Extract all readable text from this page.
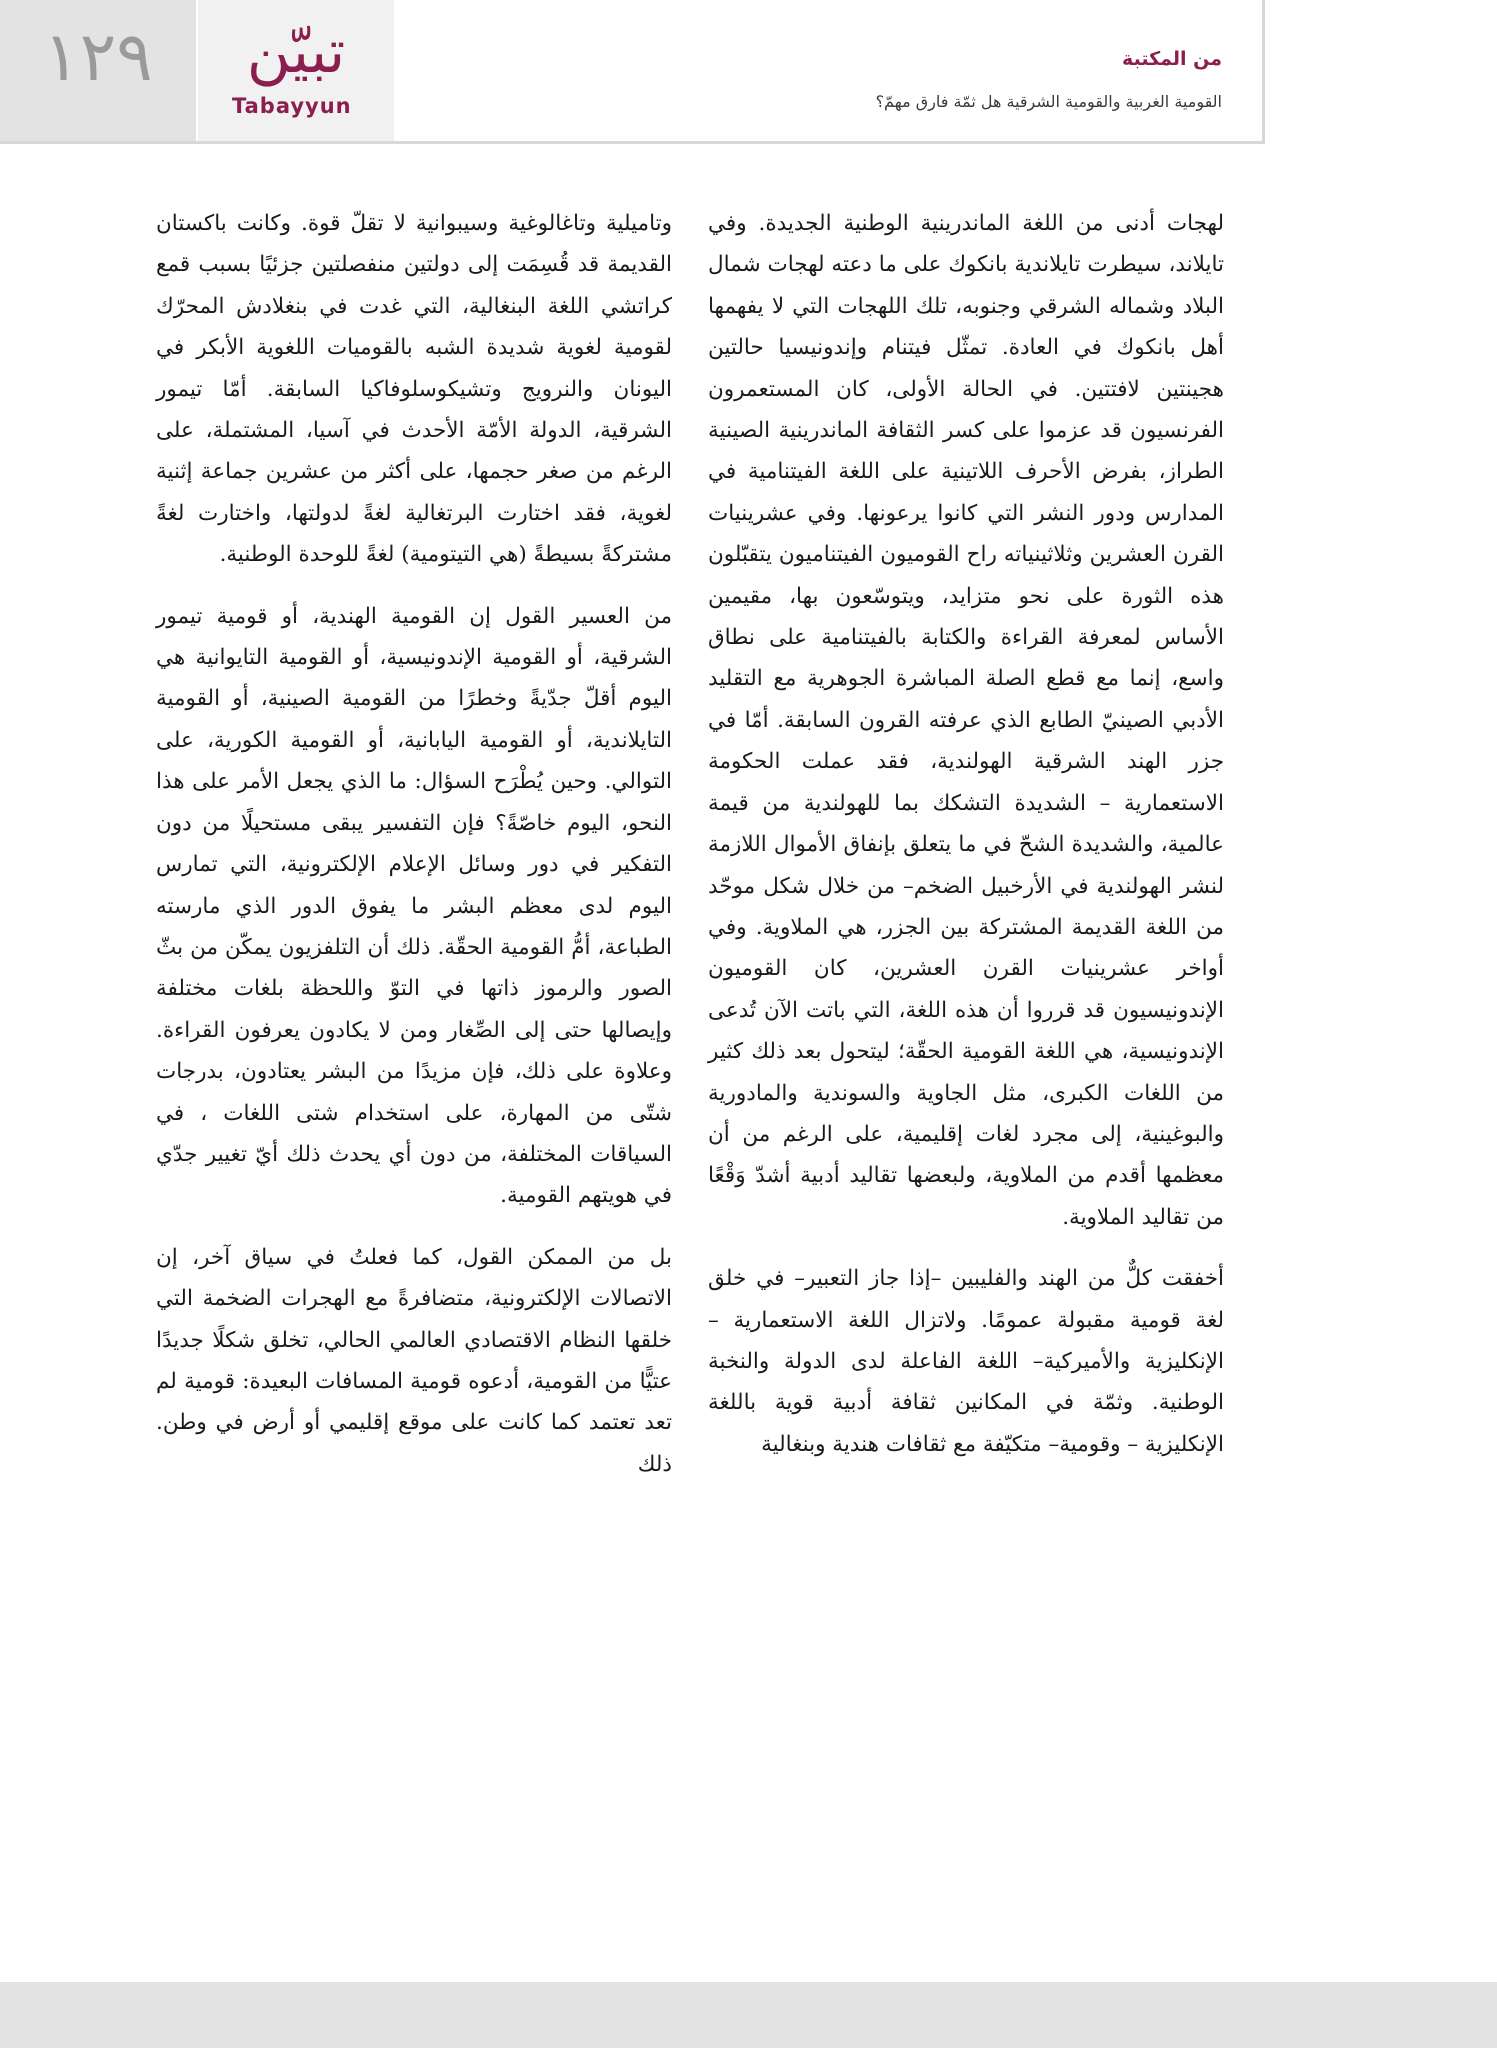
١٢٩	تبيّن
Tabayyun
من المكتبة
القومية الغربية والقومية الشرقية هل ثمّة فارق مهمّ؟

لهجات أدنى من اللغة الماندرينية الوطنية الجديدة. وفي تايلاند، سيطرت تايلاندية بانكوك على ما دعته لهجات شمال البلاد وشماله الشرقي وجنوبه، تلك اللهجات التي لا يفهمها أهل بانكوك في العادة. تمثّل فيتنام وإندونيسيا حالتين هجينتين لافتتين. في الحالة الأولى، كان المستعمرون الفرنسيون قد عزموا على كسر الثقافة الماندرينية الصينية الطراز، بفرض الأحرف اللاتينية على اللغة الفيتنامية في المدارس ودور النشر التي كانوا يرعونها. وفي عشرينيات القرن العشرين وثلاثينياته راح القوميون الفيتناميون يتقبّلون هذه الثورة على نحو متزايد، ويتوسّعون بها، مقيمين الأساس لمعرفة القراءة والكتابة بالفيتنامية على نطاق واسع، إنما مع قطع الصلة المباشرة الجوهرية مع التقليد الأدبي الصينيّ الطابع الذي عرفته القرون السابقة. أمّا في جزر الهند الشرقية الهولندية، فقد عملت الحكومة الاستعمارية – الشديدة التشكك بما للهولندية من قيمة عالمية، والشديدة الشحّ في ما يتعلق بإنفاق الأموال اللازمة لنشر الهولندية في الأرخبيل الضخم– من خلال شكل موحّد من اللغة القديمة المشتركة بين الجزر، هي الملاوية. وفي أواخر عشرينيات القرن العشرين، كان القوميون الإندونيسيون قد قرروا أن هذه اللغة، التي باتت الآن تُدعى الإندونيسية، هي اللغة القومية الحقّة؛ ليتحول بعد ذلك كثير من اللغات الكبرى، مثل الجاوية والسوندية والمادورية والبوغينية، إلى مجرد لغات إقليمية، على الرغم من أن معظمها أقدم من الملاوية، ولبعضها تقاليد أدبية أشدّ وَقْعًا من تقاليد الملاوية.

أخفقت كلٌّ من الهند والفليبين –إذا جاز التعبير– في خلق لغة قومية مقبولة عمومًا. ولاتزال اللغة الاستعمارية – الإنكليزية والأميركية– اللغة الفاعلة لدى الدولة والنخبة الوطنية. وثمّة في المكانين ثقافة أدبية قوية باللغة الإنكليزية – وقومية– متكيّفة مع ثقافات هندية وبنغالية

وتاميلية وتاغالوغية وسيبوانية لا تقلّ قوة. وكانت باكستان القديمة قد قُسِمَت إلى دولتين منفصلتين جزئيًا بسبب قمع كراتشي اللغة البنغالية، التي غدت في بنغلادش المحرّك لقومية لغوية شديدة الشبه بالقوميات اللغوية الأبكر في اليونان والنرويج وتشيكوسلوفاكيا السابقة. أمّا تيمور الشرقية، الدولة الأمّة الأحدث في آسيا، المشتملة، على الرغم من صغر حجمها، على أكثر من عشرين جماعة إثنية لغوية، فقد اختارت البرتغالية لغةً لدولتها، واختارت لغةً مشتركةً بسيطةً (هي التيتومية) لغةً للوحدة الوطنية.

من العسير القول إن القومية الهندية، أو قومية تيمور الشرقية، أو القومية الإندونيسية، أو القومية التايوانية هي اليوم أقلّ جدّيةً وخطرًا من القومية الصينية، أو القومية التايلاندية، أو القومية اليابانية، أو القومية الكورية، على التوالي. وحين يُطْرَح السؤال: ما الذي يجعل الأمر على هذا النحو، اليوم خاصّةً؟ فإن التفسير يبقى مستحيلًا من دون التفكير في دور وسائل الإعلام الإلكترونية، التي تمارس اليوم لدى معظم البشر ما يفوق الدور الذي مارسته الطباعة، أمُّ القومية الحقّة. ذلك أن التلفزيون يمكّن من بثّ الصور والرموز ذاتها في التوّ واللحظة بلغات مختلفة وإيصالها حتى إلى الصِّغار ومن لا يكادون يعرفون القراءة. وعلاوة على ذلك، فإن مزيدًا من البشر يعتادون، بدرجات شتّى من المهارة، على استخدام شتى اللغات ، في السياقات المختلفة، من دون أي يحدث ذلك أيّ تغيير جدّي في هويتهم القومية.

بل من الممكن القول، كما فعلتُ في سياق آخر، إن الاتصالات الإلكترونية، متضافرةً مع الهجرات الضخمة التي خلقها النظام الاقتصادي العالمي الحالي، تخلق شكلًا جديدًا عتيًّا من القومية، أدعوه قومية المسافات البعيدة: قومية لم تعد تعتمد كما كانت على موقع إقليمي أو أرض في وطن. ذلك
